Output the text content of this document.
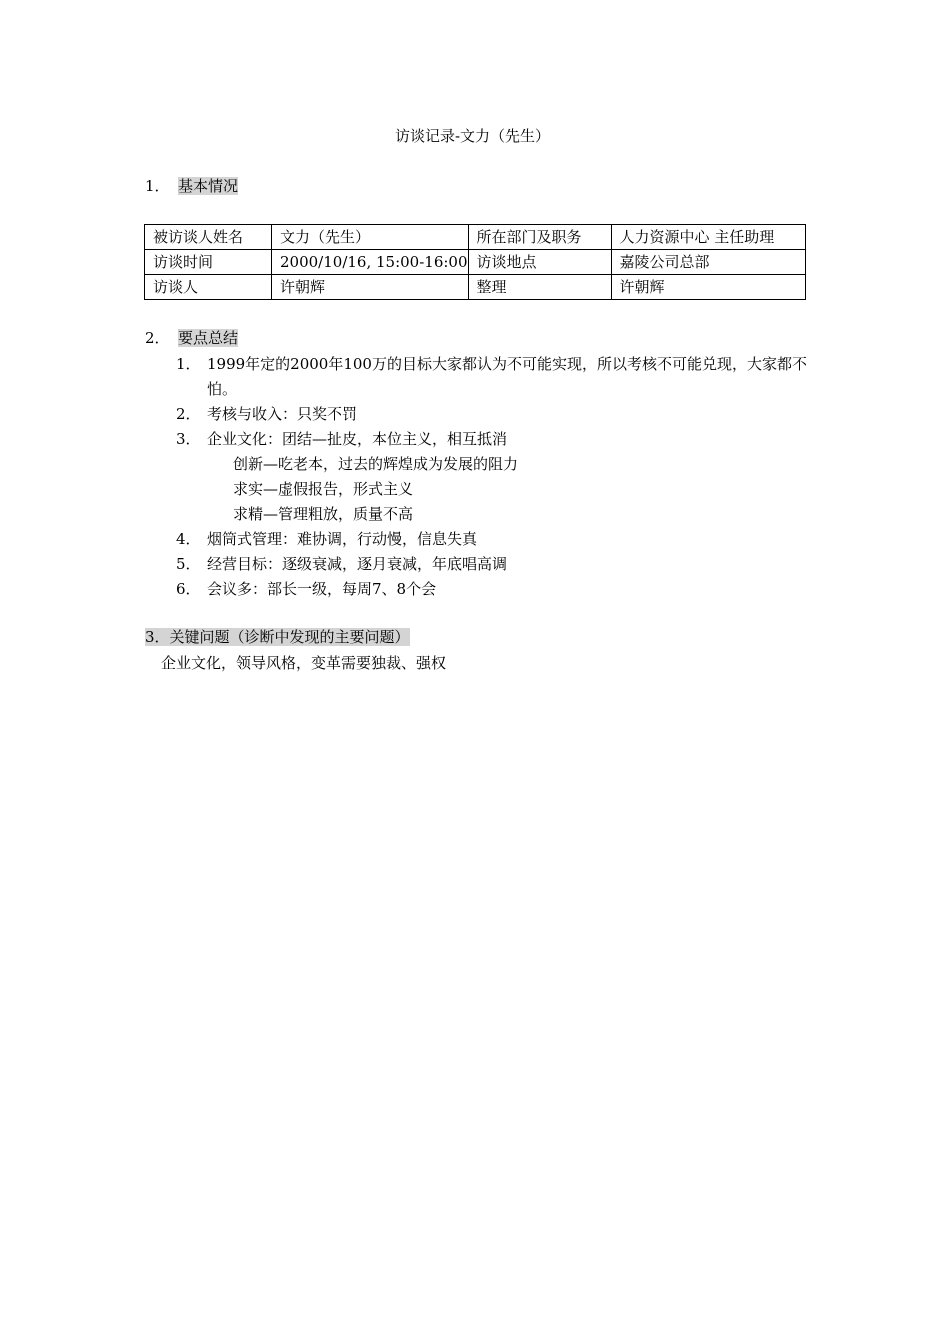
访谈记录-文力（先生）
1． 基本情况
被访谈人姓名	文力（先生）	所在部门及职务	人力资源中心 主任助理
访谈时间	2000/10/16, 15:00-16:00	访谈地点	嘉陵公司总部
访谈人	许朝辉	整理	许朝辉
2． 要点总结
1． 1999年定的2000年100万的目标大家都认为不可能实现，所以考核不可能兑现，大家都不怕。
2． 考核与收入：只奖不罚
3． 企业文化：团结—扯皮，本位主义，相互抵消
创新—吃老本，过去的辉煌成为发展的阻力
求实—虚假报告，形式主义
求精—管理粗放，质量不高
4． 烟筒式管理：难协调，行动慢，信息失真
5． 经营目标：逐级衰减，逐月衰减，年底唱高调
6． 会议多：部长一级，每周7、8个会
3．关键问题（诊断中发现的主要问题）
企业文化，领导风格，变革需要独裁、强权
